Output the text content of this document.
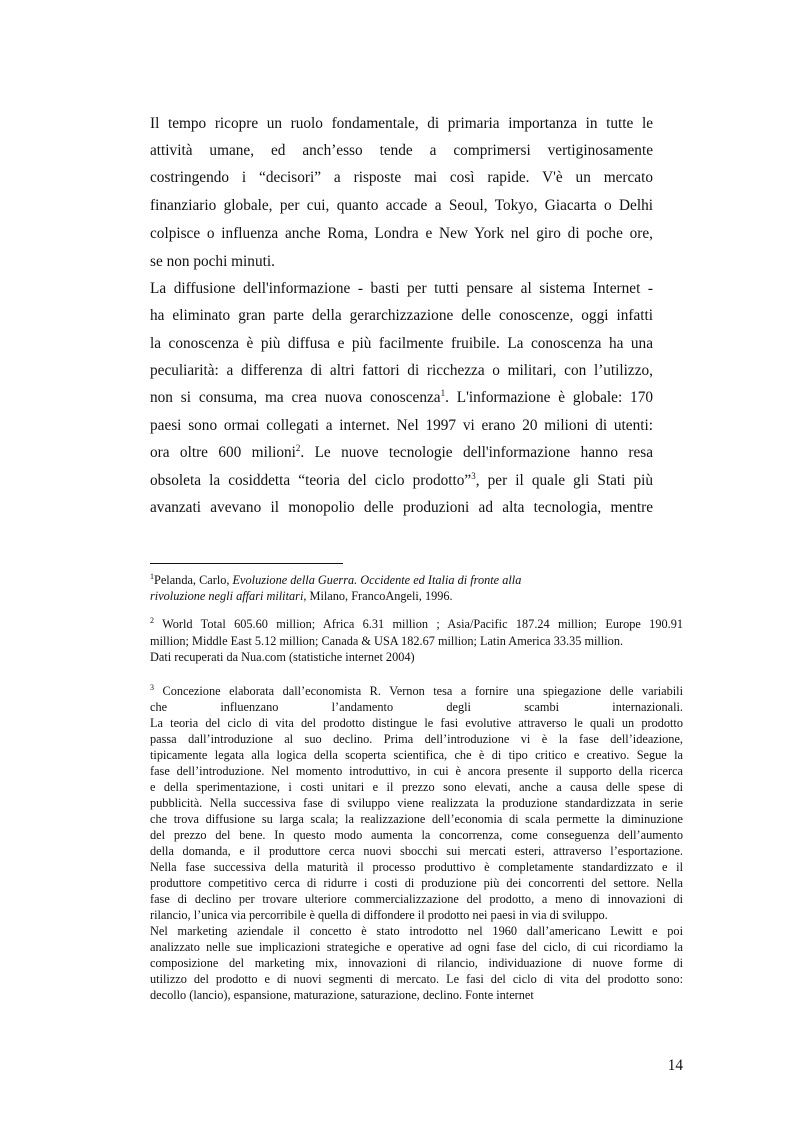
Il tempo ricopre un ruolo fondamentale, di primaria importanza in tutte le
attività umane, ed anch’esso tende a comprimersi vertiginosamente
costringendo i “decisori” a risposte mai così rapide. V'è un mercato
finanziario globale, per cui, quanto accade a Seoul, Tokyo, Giacarta o Delhi
colpisce o influenza anche Roma, Londra e New York nel giro di poche ore,
se non pochi minuti.
La diffusione dell'informazione - basti per tutti pensare al sistema Internet -
ha eliminato gran parte della gerarchizzazione delle conoscenze, oggi infatti
la conoscenza è più diffusa e più facilmente fruibile. La conoscenza ha una
peculiarità: a differenza di altri fattori di ricchezza o militari, con l’utilizzo,
non si consuma, ma crea nuova conoscenza$^1$. L'informazione è globale: 170
paesi sono ormai collegati a internet. Nel 1997 vi erano 20 milioni di utenti:
ora oltre 600 milioni$^2$. Le nuove tecnologie dell'informazione hanno resa
obsoleta la cosiddetta “teoria del ciclo prodotto”$^3$, per il quale gli Stati più
avanzati avevano il monopolio delle produzioni ad alta tecnologia, mentre
$^1$Pelanda, Carlo, Evoluzione della Guerra. Occidente ed Italia di fronte alla
rivoluzione negli affari militari, Milano, FrancoAngeli, 1996.
$^2$ World Total 605.60 million; Africa 6.31 million ; Asia/Pacific 187.24 million; Europe 190.91
million; Middle East 5.12 million; Canada & USA 182.67 million; Latin America 33.35 million.
Dati recuperati da Nua.com (statistiche internet 2004)
$^3$ Concezione elaborata dall’economista R. Vernon tesa a fornire una spiegazione delle variabili
che influenzano l’andamento degli scambi internazionali.
La teoria del ciclo di vita del prodotto distingue le fasi evolutive attraverso le quali un prodotto
passa dall’introduzione al suo declino. Prima dell’introduzione vi è la fase dell’ideazione,
tipicamente legata alla logica della scoperta scientifica, che è di tipo critico e creativo. Segue la
fase dell’introduzione. Nel momento introduttivo, in cui è ancora presente il supporto della ricerca
e della sperimentazione, i costi unitari e il prezzo sono elevati, anche a causa delle spese di
pubblicità. Nella successiva fase di sviluppo viene realizzata la produzione standardizzata in serie
che trova diffusione su larga scala; la realizzazione dell’economia di scala permette la diminuzione
del prezzo del bene. In questo modo aumenta la concorrenza, come conseguenza dell’aumento
della domanda, e il produttore cerca nuovi sbocchi sui mercati esteri, attraverso l’esportazione.
Nella fase successiva della maturità il processo produttivo è completamente standardizzato e il
produttore competitivo cerca di ridurre i costi di produzione più dei concorrenti del settore. Nella
fase di declino per trovare ulteriore commercializzazione del prodotto, a meno di innovazioni di
rilancio, l’unica via percorribile è quella di diffondere il prodotto nei paesi in via di sviluppo.
Nel marketing aziendale il concetto è stato introdotto nel 1960 dall’americano Lewitt e poi
analizzato nelle sue implicazioni strategiche e operative ad ogni fase del ciclo, di cui ricordiamo la
composizione del marketing mix, innovazioni di rilancio, individuazione di nuove forme di
utilizzo del prodotto e di nuovi segmenti di mercato. Le fasi del ciclo di vita del prodotto sono:
decollo (lancio), espansione, maturazione, saturazione, declino. Fonte internet
14
